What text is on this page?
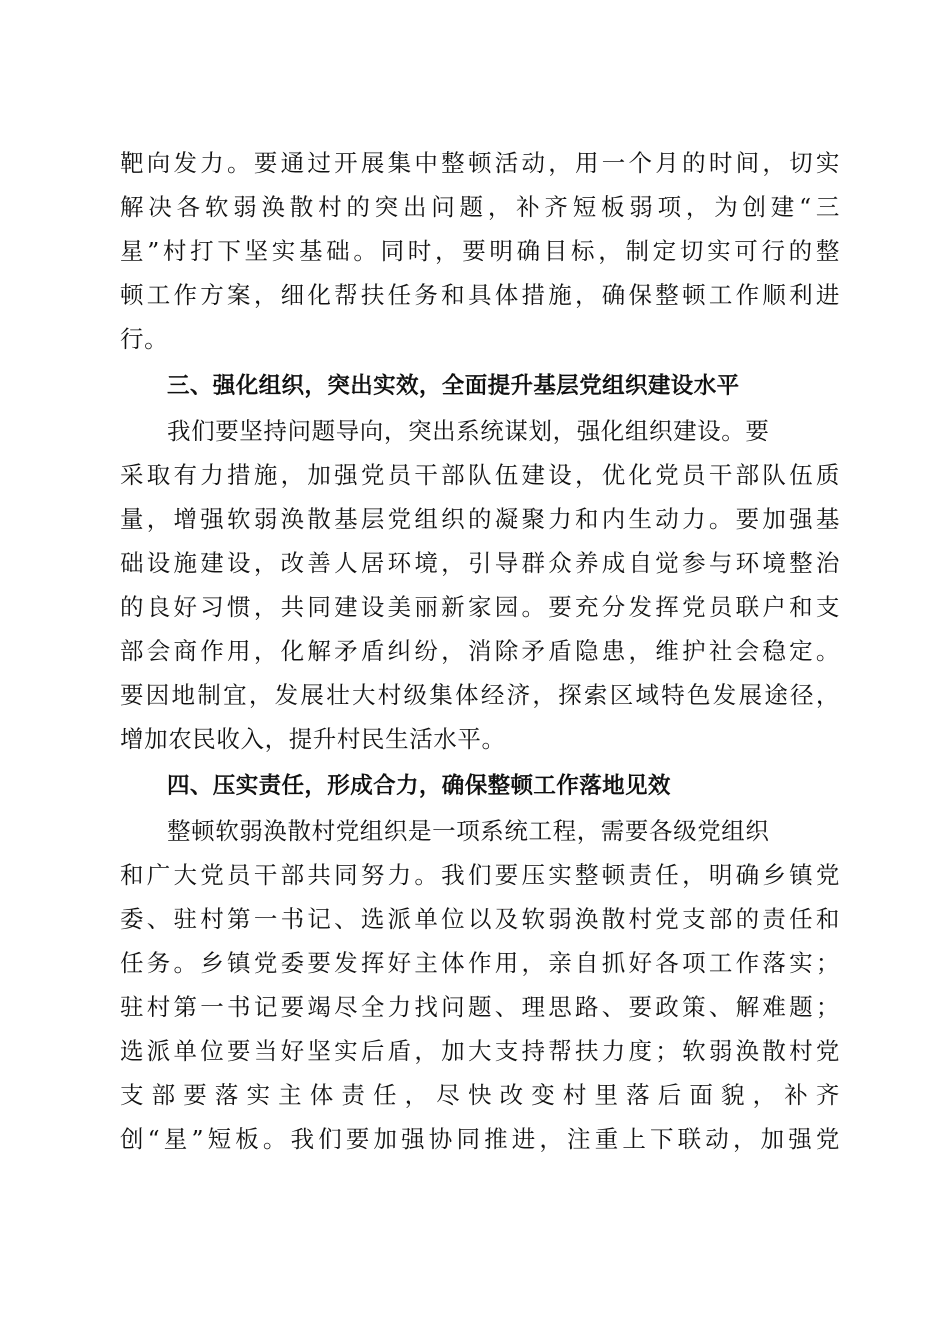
靶向发力。要通过开展集中整顿活动，用一个月的时间，切实
解决各软弱涣散村的突出问题，补齐短板弱项，为创建“三
星”村打下坚实基础。同时，要明确目标，制定切实可行的整
顿工作方案，细化帮扶任务和具体措施，确保整顿工作顺利进
行。
三、强化组织，突出实效，全面提升基层党组织建设水平
我们要坚持问题导向，突出系统谋划，强化组织建设。要
采取有力措施，加强党员干部队伍建设，优化党员干部队伍质
量，增强软弱涣散基层党组织的凝聚力和内生动力。要加强基
础设施建设，改善人居环境，引导群众养成自觉参与环境整治
的良好习惯，共同建设美丽新家园。要充分发挥党员联户和支
部会商作用，化解矛盾纠纷，消除矛盾隐患，维护社会稳定。
要因地制宜，发展壮大村级集体经济，探索区域特色发展途径，
增加农民收入，提升村民生活水平。
四、压实责任，形成合力，确保整顿工作落地见效
整顿软弱涣散村党组织是一项系统工程，需要各级党组织
和广大党员干部共同努力。我们要压实整顿责任，明确乡镇党
委、驻村第一书记、选派单位以及软弱涣散村党支部的责任和
任务。乡镇党委要发挥好主体作用，亲自抓好各项工作落实；
驻村第一书记要竭尽全力找问题、理思路、要政策、解难题；
选派单位要当好坚实后盾，加大支持帮扶力度；软弱涣散村党
支部要落实主体责任，尽快改变村里落后面貌，补齐
创“星”短板。我们要加强协同推进，注重上下联动，加强党
